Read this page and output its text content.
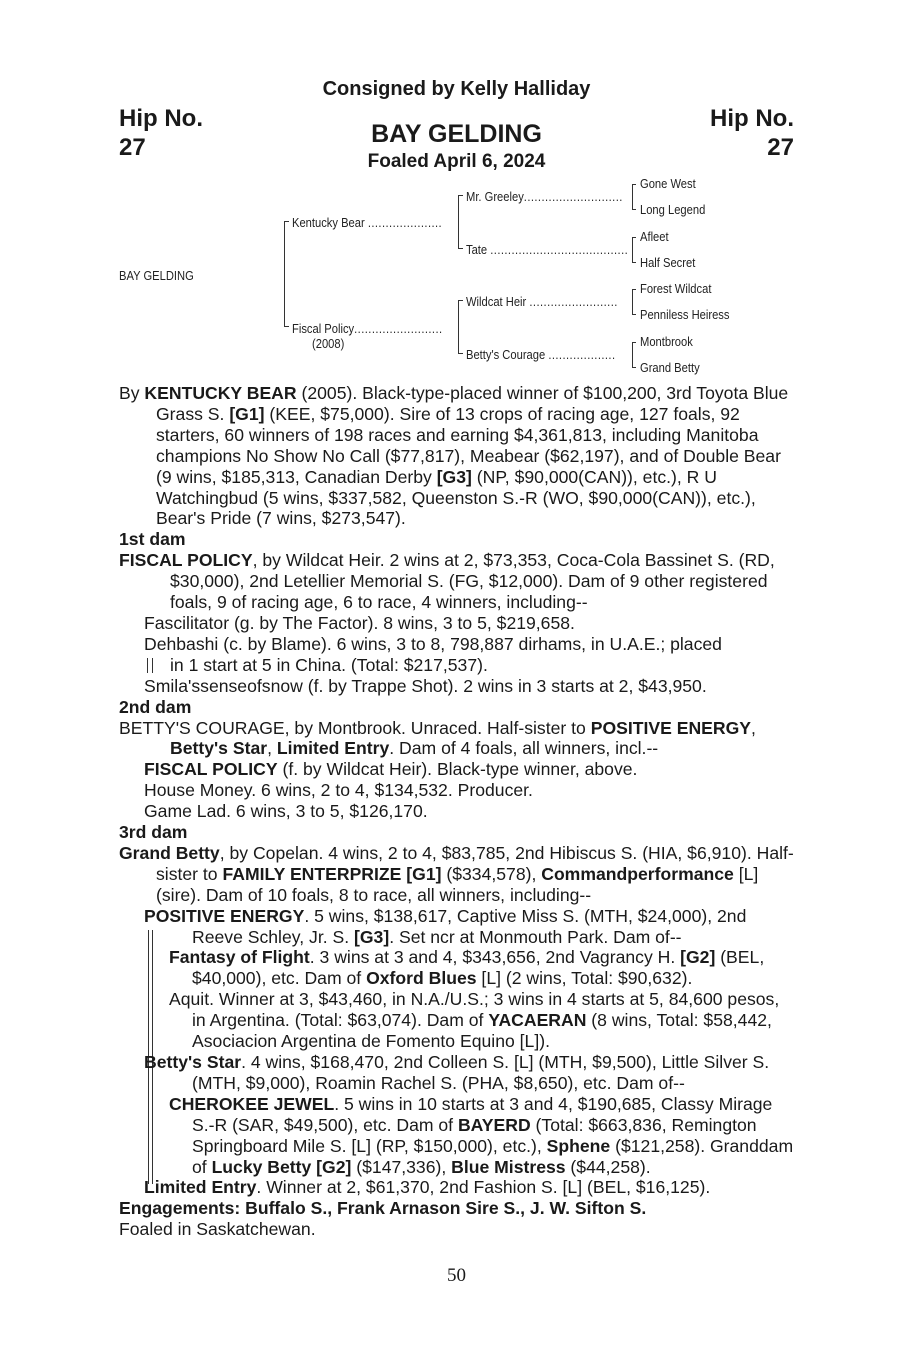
Consigned by Kelly Halliday
Hip No.
27
Hip No.
27
BAY GELDING
Foaled April 6, 2024
BAY GELDING
Kentucky Bear .....................
Fiscal Policy.........................
(2008)
Mr. Greeley............................
Tate .......................................
Wildcat Heir .........................
Betty's Courage ...................
Gone West
Long Legend
Afleet
Half Secret
Forest Wildcat
Penniless Heiress
Montbrook
Grand Betty

By KENTUCKY BEAR (2005). Black-type-placed winner of $100,200, 3rd Toyota Blue Grass S. [G1] (KEE, $75,000). Sire of 13 crops of racing age, 127 foals, 92 starters, 60 winners of 198 races and earning $4,361,813, including Manitoba champions No Show No Call ($77,817), Meabear ($62,197), and of Double Bear (9 wins, $185,313, Canadian Derby [G3] (NP, $90,000(CAN)), etc.), R U Watchingbud (5 wins, $337,582, Queenston S.-R (WO, $90,000(CAN)), etc.), Bear's Pride (7 wins, $273,547).

1st dam

FISCAL POLICY, by Wildcat Heir. 2 wins at 2, $73,353, Coca-Cola Bassinet S. (RD, $30,000), 2nd Letellier Memorial S. (FG, $12,000). Dam of 9 other registered foals, 9 of racing age, 6 to race, 4 winners, including--

Fascilitator (g. by The Factor). 8 wins, 3 to 5, $219,658.

Dehbashi (c. by Blame). 6 wins, 3 to 8, 798,887 dirhams, in U.A.E.; placed

in 1 start at 5 in China. (Total: $217,537).

Smila'ssenseofsnow (f. by Trappe Shot). 2 wins in 3 starts at 2, $43,950.

2nd dam

BETTY'S COURAGE, by Montbrook. Unraced. Half-sister to POSITIVE ENERGY, Betty's Star, Limited Entry. Dam of 4 foals, all winners, incl.--

FISCAL POLICY (f. by Wildcat Heir). Black-type winner, above.

House Money. 6 wins, 2 to 4, $134,532. Producer.

Game Lad. 6 wins, 3 to 5, $126,170.

3rd dam

Grand Betty, by Copelan. 4 wins, 2 to 4, $83,785, 2nd Hibiscus S. (HIA, $6,910). Half-sister to FAMILY ENTERPRIZE [G1] ($334,578), Commandperformance [L] (sire). Dam of 10 foals, 8 to race, all winners, including--

POSITIVE ENERGY. 5 wins, $138,617, Captive Miss S. (MTH, $24,000), 2nd Reeve Schley, Jr. S. [G3]. Set ncr at Monmouth Park. Dam of--

Fantasy of Flight. 3 wins at 3 and 4, $343,656, 2nd Vagrancy H. [G2] (BEL, $40,000), etc. Dam of Oxford Blues [L] (2 wins, Total: $90,632).

Aquit. Winner at 3, $43,460, in N.A./U.S.; 3 wins in 4 starts at 5, 84,600 pesos, in Argentina. (Total: $63,074). Dam of YACAERAN (8 wins, Total: $58,442, Asociacion Argentina de Fomento Equino [L]).

Betty's Star. 4 wins, $168,470, 2nd Colleen S. [L] (MTH, $9,500), Little Silver S. (MTH, $9,000), Roamin Rachel S. (PHA, $8,650), etc. Dam of--

CHEROKEE JEWEL. 5 wins in 10 starts at 3 and 4, $190,685, Classy Mirage S.-R (SAR, $49,500), etc. Dam of BAYERD (Total: $663,836, Remington Springboard Mile S. [L] (RP, $150,000), etc.), Sphene ($121,258). Granddam of Lucky Betty [G2] ($147,336), Blue Mistress ($44,258).

Limited Entry. Winner at 2, $61,370, 2nd Fashion S. [L] (BEL, $16,125).

Engagements: Buffalo S., Frank Arnason Sire S., J. W. Sifton S.

Foaled in Saskatchewan.

50
